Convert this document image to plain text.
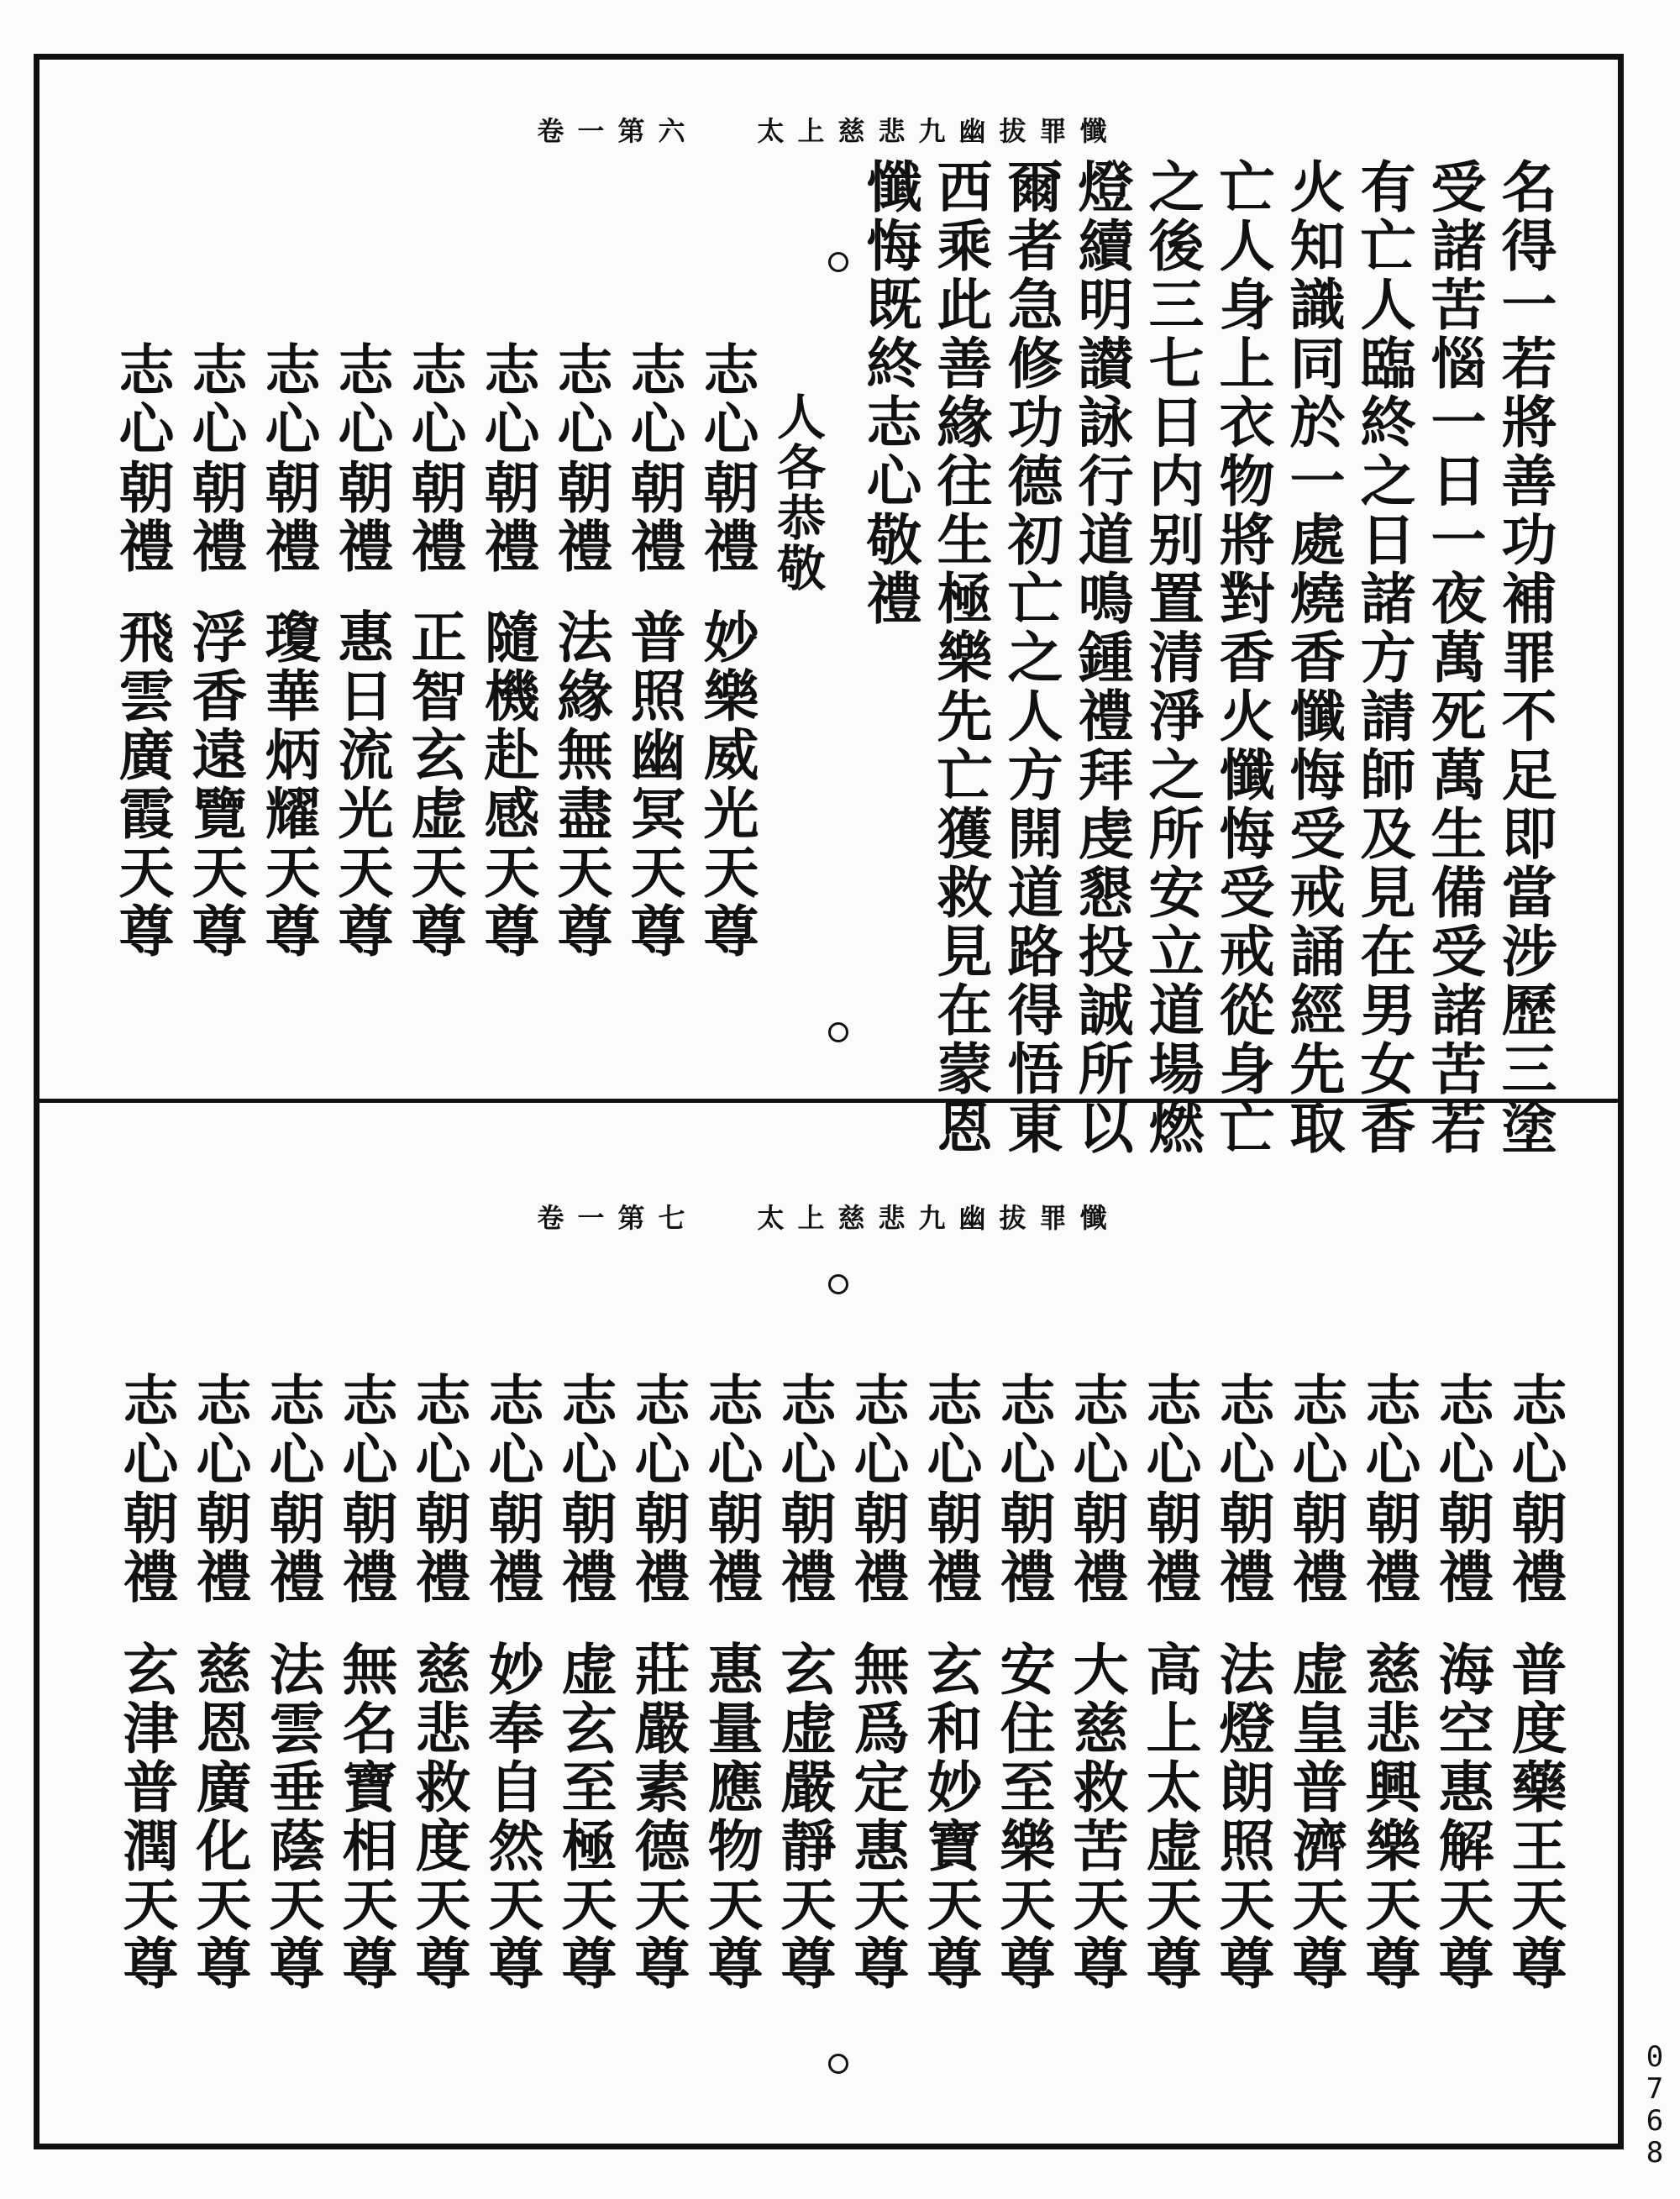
太上慈悲九幽拔罪懺
卷一第六
名得一若將善功補罪不足即當涉歷三塗
受諸苦惱一日一夜萬死萬生備受諸苦若
有亡人臨終之日諸方請師及見在男女香
火知識同於一處燒香懺悔受戒誦經先取
亡人身上衣物將對香火懺悔受戒從身亡
之後三七日内别置清淨之所安立道場燃
燈續明讃詠行道鳴鍾禮拜虔懇投誠所以
爾者急修功德初亡之人方開道路得悟東
西乘此善緣往生極樂先亡獲救見在蒙恩
懺悔既終志心敬禮
人各恭敬
志心朝禮
妙樂威光天尊
志心朝禮
普照幽冥天尊
志心朝禮
法緣無盡天尊
志心朝禮
隨機赴感天尊
志心朝禮
正智玄虚天尊
志心朝禮
惠日流光天尊
志心朝禮
瓊華炳耀天尊
志心朝禮
浮香遠覽天尊
志心朝禮
飛雲廣霞天尊
太上慈悲九幽拔罪懺
卷一第七
志心朝禮
普度藥王天尊
志心朝禮
海空惠解天尊
志心朝禮
慈悲興樂天尊
志心朝禮
虚皇普濟天尊
志心朝禮
法燈朗照天尊
志心朝禮
高上太虚天尊
志心朝禮
大慈救苦天尊
志心朝禮
安住至樂天尊
志心朝禮
玄和妙寶天尊
志心朝禮
無爲定惠天尊
志心朝禮
玄虚嚴靜天尊
志心朝禮
惠量應物天尊
志心朝禮
莊嚴素德天尊
志心朝禮
虚玄至極天尊
志心朝禮
妙奉自然天尊
志心朝禮
慈悲救度天尊
志心朝禮
無名寶相天尊
志心朝禮
法雲垂蔭天尊
志心朝禮
慈恩廣化天尊
志心朝禮
玄津普潤天尊
0768
